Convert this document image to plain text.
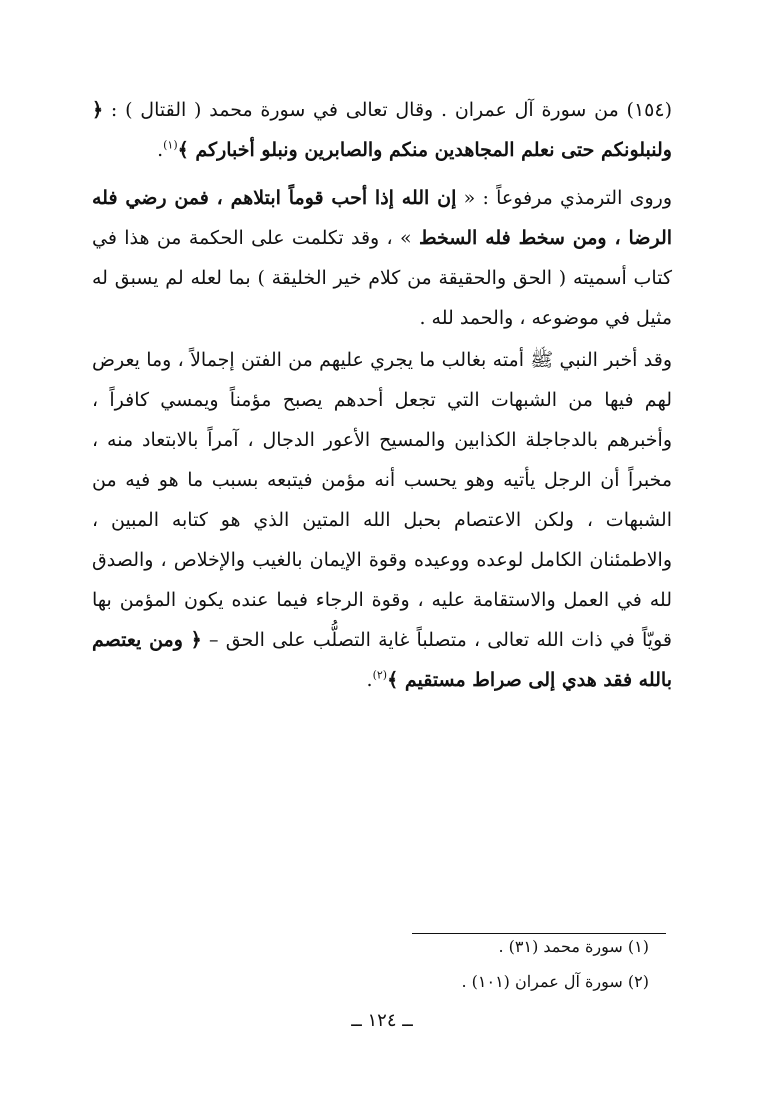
(١٥٤) من سورة آل عمران . وقال تعالى في سورة محمد ( القتال ) : ﴿ ولنبلونكم حتى نعلم المجاهدين منكم والصابرين ونبلو أخباركم ﴾$^{(١)}$.

وروى الترمذي مرفوعاً : « إن الله إذا أحب قوماً ابتلاهم ، فمن رضي فله الرضا ، ومن سخط فله السخط » ، وقد تكلمت على الحكمة من هذا في كتاب أسميته ( الحق والحقيقة من كلام خير الخليقة ) بما لعله لم يسبق له مثيل في موضوعه ، والحمد لله .

وقد أخبر النبي ﷺ أمته بغالب ما يجري عليهم من الفتن إجمالاً ، وما يعرض لهم فيها من الشبهات التي تجعل أحدهم يصبح مؤمناً ويمسي كافراً ، وأخبرهم بالدجاجلة الكذابين والمسيح الأعور الدجال ، آمراً بالابتعاد منه ، مخبراً أن الرجل يأتيه وهو يحسب أنه مؤمن فيتبعه بسبب ما هو فيه من الشبهات ، ولكن الاعتصام بحبل الله المتين الذي هو كتابه المبين ، والاطمئنان الكامل لوعده ووعيده وقوة الإيمان بالغيب والإخلاص ، والصدق لله في العمل والاستقامة عليه ، وقوة الرجاء فيما عنده يكون المؤمن بها قويّاً في ذات الله تعالى ، متصلباً غاية التصلُّب على الحق – ﴿ ومن يعتصم بالله فقد هدي إلى صراط مستقيم ﴾$^{(٢)}$.

(١) سورة محمد (٣١) .

(٢) سورة آل عمران (١٠١) .

ــ ١٢٤ ــ
